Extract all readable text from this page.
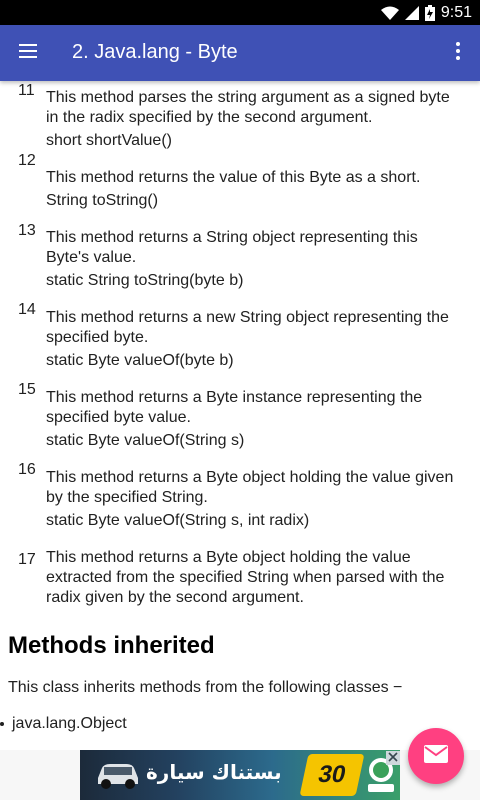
9:51
2. Java.lang - Byte
11 This method parses the string argument as a signed byte in the radix specified by the second argument.
short shortValue()
12
This method returns the value of this Byte as a short.
String toString()
13 This method returns a String object representing this Byte's value.
static String toString(byte b)
14 This method returns a new String object representing the specified byte.
static Byte valueOf(byte b)
15 This method returns a Byte instance representing the specified byte value.
static Byte valueOf(String s)
16 This method returns a Byte object holding the value given by the specified String.
static Byte valueOf(String s, int radix)
17 This method returns a Byte object holding the value extracted from the specified String when parsed with the radix given by the second argument.
Methods inherited
This class inherits methods from the following classes −
java.lang.Object
بستناك سيارة	30
